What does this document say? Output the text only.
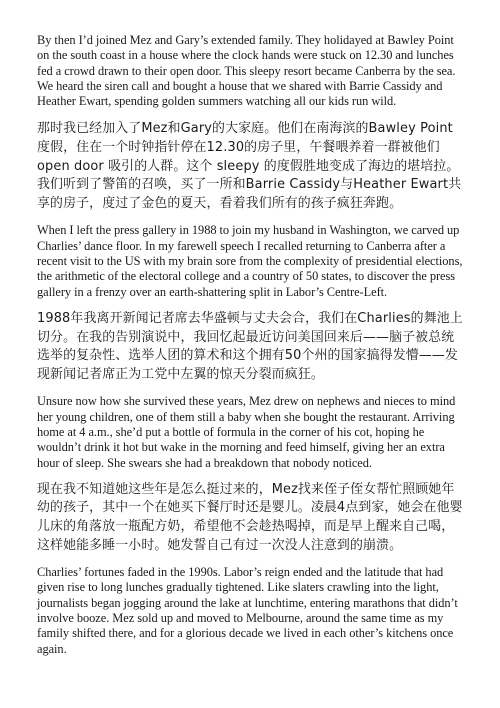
By then I’d joined Mez and Gary’s extended family. They holidayed at Bawley Point on the south coast in a house where the clock hands were stuck on 12.30 and lunches fed a crowd drawn to their open door. This sleepy resort became Canberra by the sea. We heard the siren call and bought a house that we shared with Barrie Cassidy and Heather Ewart, spending golden summers watching all our kids run wild.

那时我已经加入了Mez和Gary的大家庭。他们在南海滨的Bawley Point度假，住在一个时钟指针停在12.30的房子里，午餐喂养着一群被他们 open door 吸引的人群。这个 sleepy 的度假胜地变成了海边的堪培拉。我们听到了警笛的召唤，买了一所和Barrie Cassidy与Heather Ewart共享的房子，度过了金色的夏天，看着我们所有的孩子疯狂奔跑。

When I left the press gallery in 1988 to join my husband in Washington, we carved up Charlies’ dance floor. In my farewell speech I recalled returning to Canberra after a recent visit to the US with my brain sore from the complexity of presidential elections, the arithmetic of the electoral college and a country of 50 states, to discover the press gallery in a frenzy over an earth-shattering split in Labor’s Centre-Left.

1988年我离开新闻记者席去华盛顿与丈夫会合，我们在Charlies的舞池上切分。在我的告别演说中，我回忆起最近访问美国回来后——脑子被总统选举的复杂性、选举人团的算术和这个拥有50个州的国家搞得发懵——发现新闻记者席正为工党中左翼的惊天分裂而疯狂。

Unsure now how she survived these years, Mez drew on nephews and nieces to mind her young children, one of them still a baby when she bought the restaurant. Arriving home at 4 a.m., she’d put a bottle of formula in the corner of his cot, hoping he wouldn’t drink it hot but wake in the morning and feed himself, giving her an extra hour of sleep. She swears she had a breakdown that nobody noticed.

现在我不知道她这些年是怎么挺过来的，Mez找来侄子侄女帮忙照顾她年幼的孩子，其中一个在她买下餐厅时还是婴儿。凌晨4点到家，她会在他婴儿床的角落放一瓶配方奶，希望他不会趁热喝掉，而是早上醒来自己喝，这样她能多睡一小时。她发誓自己有过一次没人注意到的崩溃。

Charlies’ fortunes faded in the 1990s. Labor’s reign ended and the latitude that had given rise to long lunches gradually tightened. Like slaters crawling into the light, journalists began jogging around the lake at lunchtime, entering marathons that didn’t involve booze. Mez sold up and moved to Melbourne, around the same time as my family shifted there, and for a glorious decade we lived in each other’s kitchens once again.
